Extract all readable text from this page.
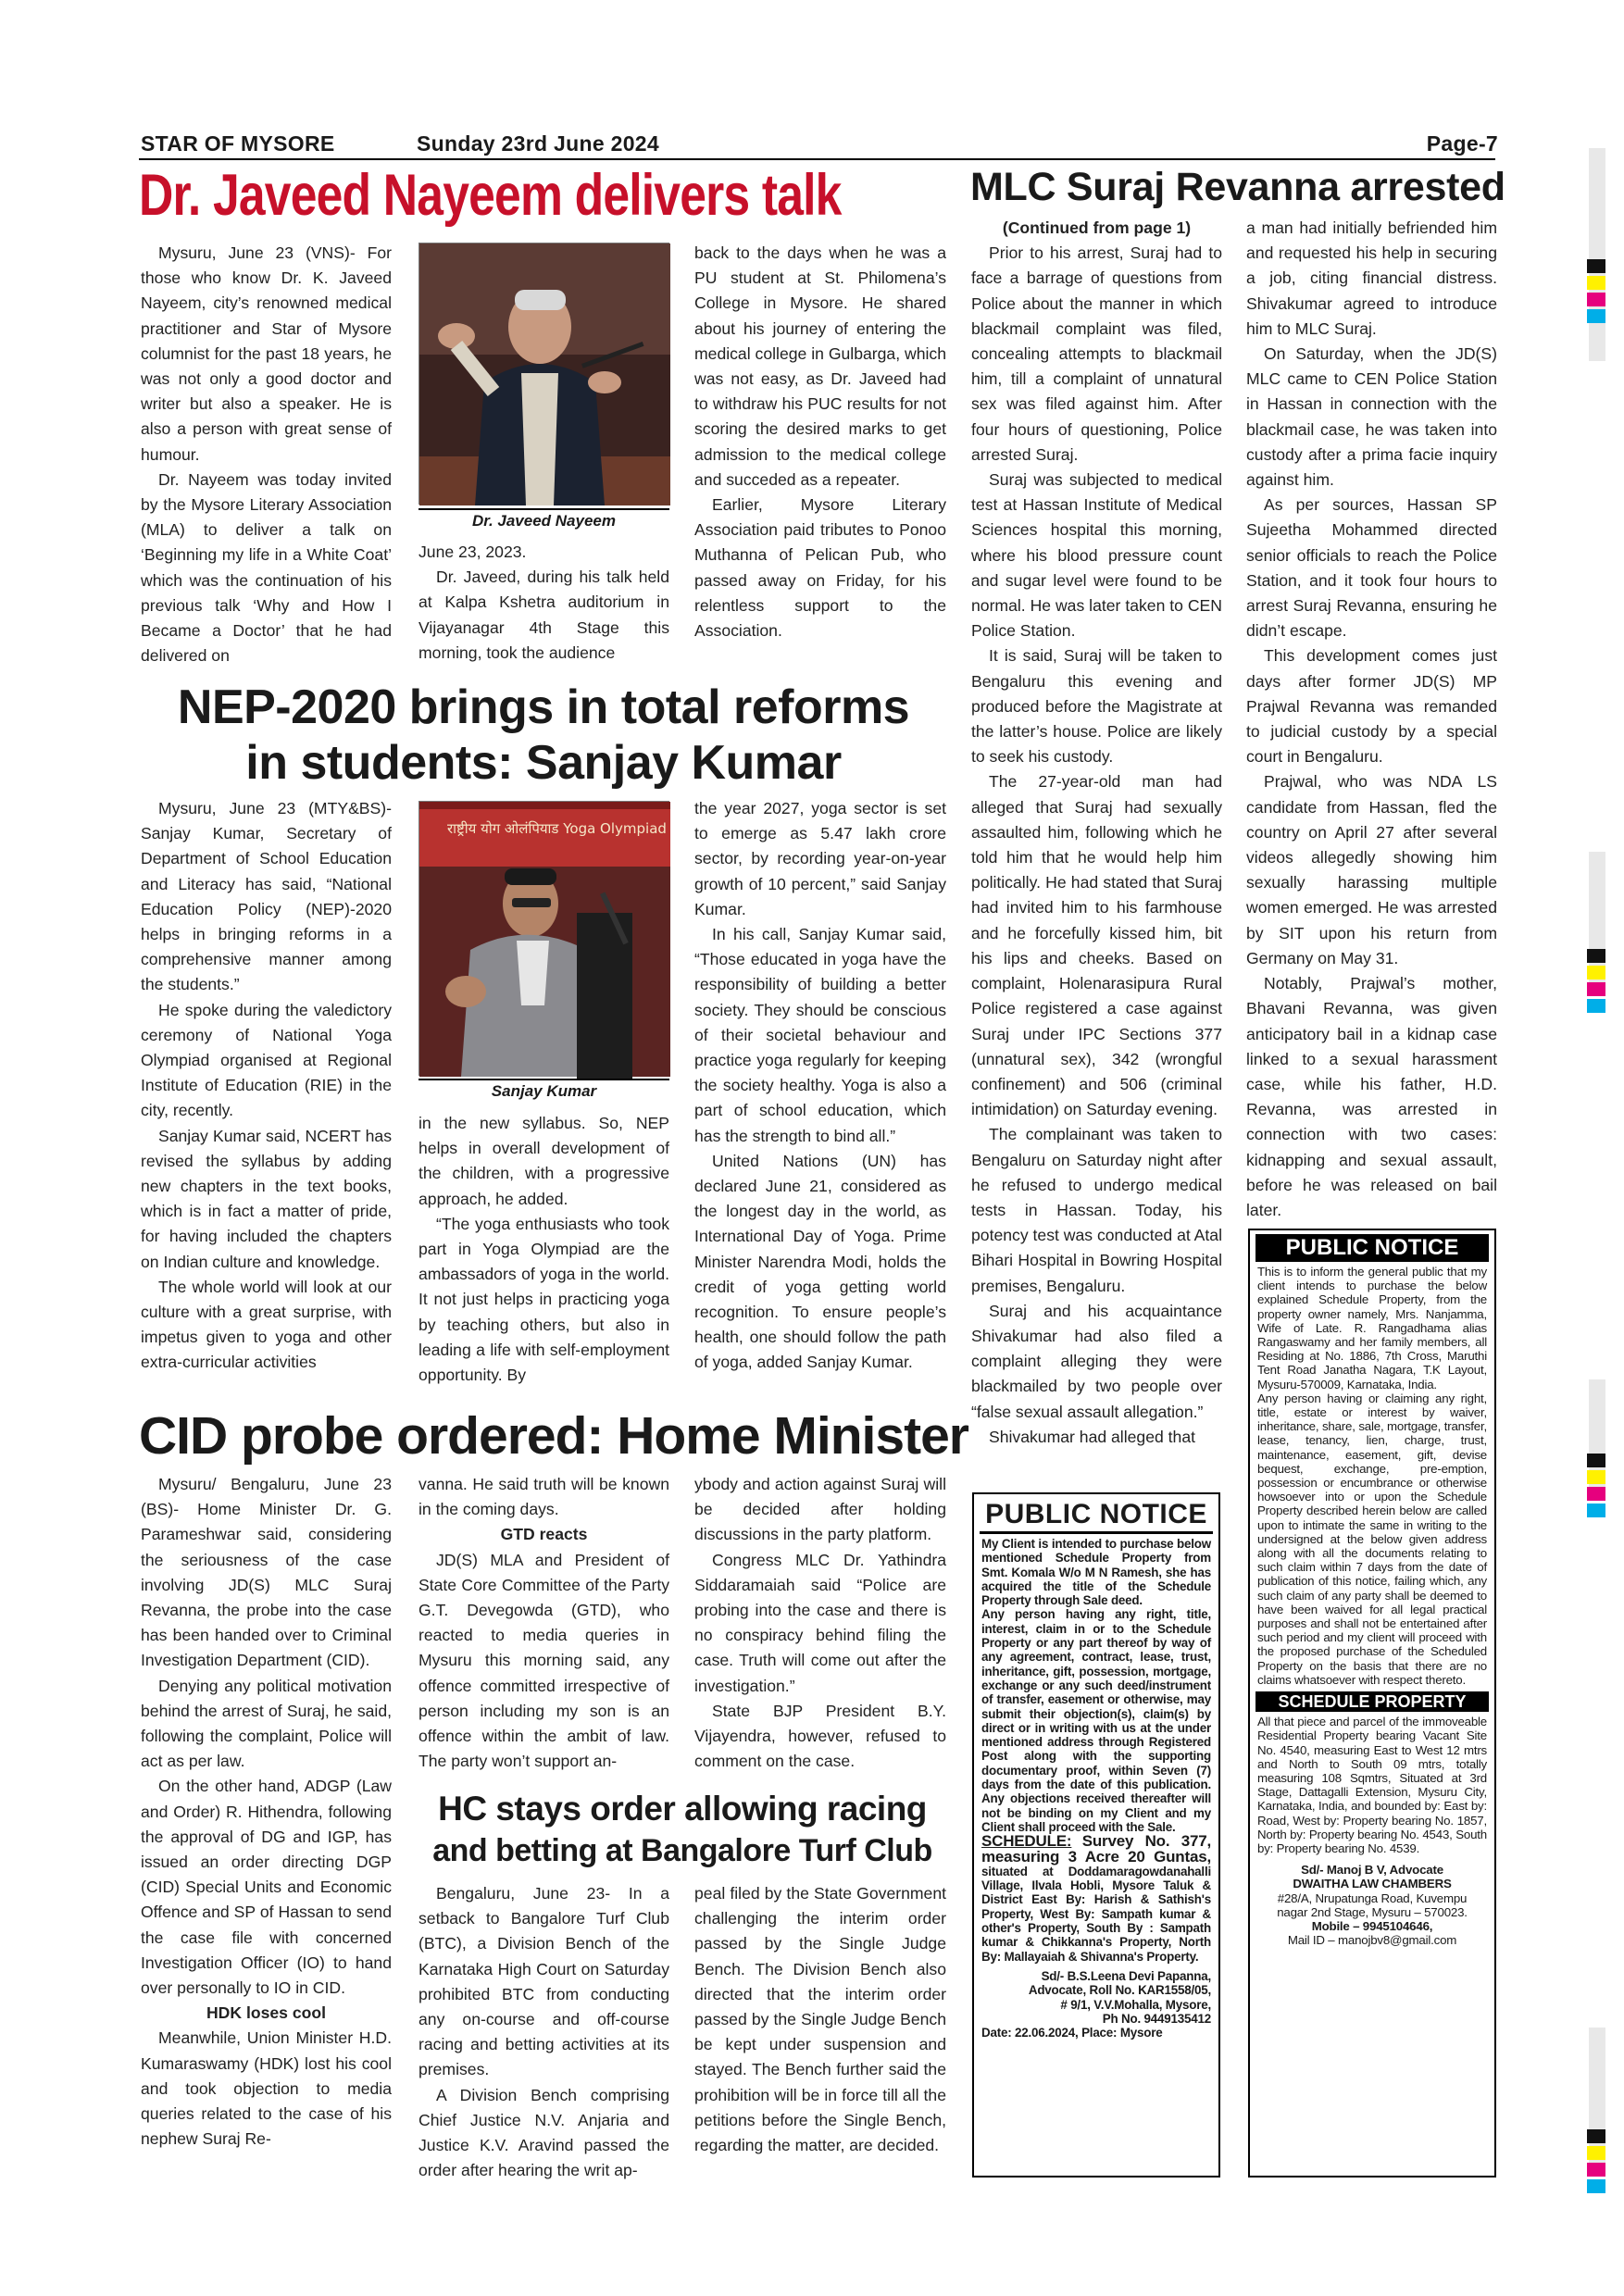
STAR OF MYSORE	Sunday 23rd June 2024	Page-7
Dr. Javeed Nayeem delivers talk

Mysuru, June 23 (VNS)- For those who know Dr. K. Javeed Nayeem, city’s renowned medical practitioner and Star of Mysore columnist for the past 18 years, he was not only a good doctor and writer but also a speaker. He is also a person with great sense of humour.

Dr. Nayeem was today invited by the Mysore Literary Association (MLA) to deliver a talk on ‘Beginning my life in a White Coat’ which was the continuation of his previous talk ‘Why and How I Became a Doctor’ that he had delivered on

Dr. Javeed Nayeem

June 23, 2023.

Dr. Javeed, during his talk held at Kalpa Kshetra auditorium in Vijayanagar 4th Stage this morning, took the audience

back to the days when he was a PU student at St. Philomena’s College in Mysore. He shared about his journey of entering the medical college in Gulbarga, which was not easy, as Dr. Javeed had to withdraw his PUC results for not scoring the desired marks to get admission to the medical college and succeded as a repeater.

Earlier, Mysore Literary Association paid tributes to Ponoo Muthanna of Pelican Pub, who passed away on Friday, for his relentless support to the Association.

NEP-2020 brings in total reforms
in students: Sanjay Kumar

Mysuru, June 23 (MTY&BS)- Sanjay Kumar, Secretary of Department of School Education and Literacy has said, “National Education Policy (NEP)-2020 helps in bringing reforms in a comprehensive manner among the students.”

He spoke during the valedictory ceremony of National Yoga Olympiad organised at Regional Institute of Education (RIE) in the city, recently.

Sanjay Kumar said, NCERT has revised the syllabus by adding new chapters in the text books, which is in fact a matter of pride, for having included the chapters on Indian culture and knowledge.

The whole world will look at our culture with a great surprise, with impetus given to yoga and other extra-curricular activities

राष्ट्रीय योग ओलंपियाड Yoga Olympiad
Sanjay Kumar

in the new syllabus. So, NEP helps in overall development of the children, with a progressive approach, he added.

“The yoga enthusiasts who took part in Yoga Olympiad are the ambassadors of yoga in the world. It not just helps in practicing yoga by teaching others, but also in leading a life with self-employment opportunity. By

the year 2027, yoga sector is set to emerge as 5.47 lakh crore sector, by recording year-on-year growth of 10 percent,” said Sanjay Kumar.

In his call, Sanjay Kumar said, “Those educated in yoga have the responsibility of building a better society. They should be conscious of their societal behaviour and practice yoga regularly for keeping the society healthy. Yoga is also a part of school education, which has the strength to bind all.”

United Nations (UN) has declared June 21, considered as the longest day in the world, as International Day of Yoga. Prime Minister Narendra Modi, holds the credit of yoga getting world recognition. To ensure people’s health, one should follow the path of yoga, added Sanjay Kumar.

CID probe ordered: Home Minister

Mysuru/ Bengaluru, June 23 (BS)- Home Minister Dr. G. Parameshwar said, considering the seriousness of the case involving JD(S) MLC Suraj Revanna, the probe into the case has been handed over to Criminal Investigation Department (CID).

Denying any political motivation behind the arrest of Suraj, he said, following the complaint, Police will act as per law.

On the other hand, ADGP (Law and Order) R. Hithendra, following the approval of DG and IGP, has issued an order directing DGP (CID) Special Units and Economic Offence and SP of Hassan to send the case file with concerned Investigation Officer (IO) to hand over personally to IO in CID.

HDK loses cool

Meanwhile, Union Minister H.D. Kumaraswamy (HDK) lost his cool and took objection to media queries related to the case of his nephew Suraj Re-

vanna. He said truth will be known in the coming days.

GTD reacts

JD(S) MLA and President of State Core Committee of the Party G.T. Devegowda (GTD), who reacted to media queries in Mysuru this morning said, any offence committed irrespective of person including my son is an offence within the ambit of law. The party won’t support an-

ybody and action against Suraj will be decided after holding discussions in the party platform.

Congress MLC Dr. Yathindra Siddaramaiah said “Police are probing into the case and there is no conspiracy behind filing the case. Truth will come out after the investigation.”

State BJP President B.Y. Vijayendra, however, refused to comment on the case.

HC stays order allowing racing
and betting at Bangalore Turf Club

Bengaluru, June 23- In a setback to Bangalore Turf Club (BTC), a Division Bench of the Karnataka High Court on Saturday prohibited BTC from conducting any on-course and off-course racing and betting activities at its premises.

A Division Bench comprising Chief Justice N.V. Anjaria and Justice K.V. Aravind passed the order after hearing the writ ap-

peal filed by the State Government challenging the interim order passed by the Single Judge Bench. The Division Bench also directed that the interim order passed by the Single Judge Bench be kept under suspension and stayed. The Bench further said the prohibition will be in force till all the petitions before the Single Bench, regarding the matter, are decided.

MLC Suraj Revanna arrested

(Continued from page 1)

Prior to his arrest, Suraj had to face a barrage of questions from Police about the manner in which blackmail complaint was filed, concealing attempts to blackmail him, till a complaint of unnatural sex was filed against him. After four hours of questioning, Police arrested Suraj.

Suraj was subjected to medical test at Hassan Institute of Medical Sciences hospital this morning, where his blood pressure count and sugar level were found to be normal. He was later taken to CEN Police Station.

It is said, Suraj will be taken to Bengaluru this evening and produced before the Magistrate at the latter’s house. Police are likely to seek his custody.

The 27-year-old man had alleged that Suraj had sexually assaulted him, following which he told him that he would help him politically. He had stated that Suraj had invited him to his farmhouse and he forcefully kissed him, bit his lips and cheeks. Based on complaint, Holenarasipura Rural Police registered a case against Suraj under IPC Sections 377 (unnatural sex), 342 (wrongful confinement) and 506 (criminal intimidation) on Saturday evening.

The complainant was taken to Bengaluru on Saturday night after he refused to undergo medical tests in Hassan. Today, his potency test was conducted at Atal Bihari Hospital in Bowring Hospital premises, Bengaluru.

Suraj and his acquaintance Shivakumar had also filed a complaint alleging they were blackmailed by two people over “false sexual assault allegation.”

Shivakumar had alleged that

a man had initially befriended him and requested his help in securing a job, citing financial distress. Shivakumar agreed to introduce him to MLC Suraj.

On Saturday, when the JD(S) MLC came to CEN Police Station in Hassan in connection with the blackmail case, he was taken into custody after a prima facie inquiry against him.

As per sources, Hassan SP Sujeetha Mohammed directed senior officials to reach the Police Station, and it took four hours to arrest Suraj Revanna, ensuring he didn’t escape.

This development comes just days after former JD(S) MP Prajwal Revanna was remanded to judicial custody by a special court in Bengaluru.

Prajwal, who was NDA LS candidate from Hassan, fled the country on April 27 after several videos allegedly showing him sexually harassing multiple women emerged. He was arrested by SIT upon his return from Germany on May 31.

Notably, Prajwal’s mother, Bhavani Revanna, was given anticipatory bail in a kidnap case linked to a sexual harassment case, while his father, H.D. Revanna, was arrested in connection with two cases: kidnapping and sexual assault, before he was released on bail later.

PUBLIC NOTICE

My Client is intended to purchase below mentioned Schedule Property from Smt. Komala W/o M N Ramesh, she has acquired the title of the Schedule Property through Sale deed.

Any person having any right, title, interest, claim in or to the Schedule Property or any part thereof by way of any agreement, contract, lease, trust, inheritance, gift, possession, mortgage, exchange or any such deed/instrument of transfer, easement or otherwise, may submit their objection(s), claim(s) by direct or in writing with us at the under mentioned address through Registered Post along with the supporting documentary proof, within Seven (7) days from the date of this publication. Any objections received thereafter will not be binding on my Client and my Client shall proceed with the Sale.

SCHEDULE: Survey No. 377, measuring 3 Acre 20 Guntas, situated at Doddamaragowdanahalli Village, Ilvala Hobli, Mysore Taluk & District East By: Harish & Sathish's Property, West By: Sampath kumar & other's Property, South By : Sampath kumar & Chikkanna's Property, North By: Mallayaiah & Shivanna's Property.

Sd/- B.S.Leena Devi Papanna,
Advocate, Roll No. KAR1558/05,
# 9/1, V.V.Mohalla, Mysore,
Ph No. 9449135412
Date: 22.06.2024, Place: Mysore
PUBLIC NOTICE

This is to inform the general public that my client intends to purchase the below explained Schedule Property, from the property owner namely, Mrs. Nanjamma, Wife of Late. R. Rangadhama alias Rangaswamy and her family members, all Residing at No. 1886, 7th Cross, Maruthi Tent Road Janatha Nagara, T.K Layout, Mysuru-570009, Karnataka, India.

Any person having or claiming any right, title, estate or interest by waiver, inheritance, share, sale, mortgage, transfer, lease, tenancy, lien, charge, trust, maintenance, easement, gift, devise bequest, exchange, pre-emption, possession or encumbrance or otherwise howsoever into or upon the Schedule Property described herein below are called upon to intimate the same in writing to the undersigned at the below given address along with all the documents relating to such claim within 7 days from the date of publication of this notice, failing which, any such claim of any party shall be deemed to have been waived for all legal practical purposes and shall not be entertained after such period and my client will proceed with the proposed purchase of the Scheduled Property on the basis that there are no claims whatsoever with respect thereto.

SCHEDULE PROPERTY

All that piece and parcel of the immoveable Residential Property bearing Vacant Site No. 4540, measuring East to West 12 mtrs and North to South 09 mtrs, totally measuring 108 Sqmtrs, Situated at 3rd Stage, Dattagalli Extension, Mysuru City, Karnataka, India, and bounded by: East by: Road, West by: Property bearing No. 1857, North by: Property bearing No. 4543, South by: Property bearing No. 4539.

Sd/- Manoj B V, Advocate
DWAITHA LAW CHAMBERS
#28/A, Nrupatunga Road, Kuvempu
nagar 2nd Stage, Mysuru – 570023.
Mobile – 9945104646,
Mail ID – manojbv8@gmail.com
